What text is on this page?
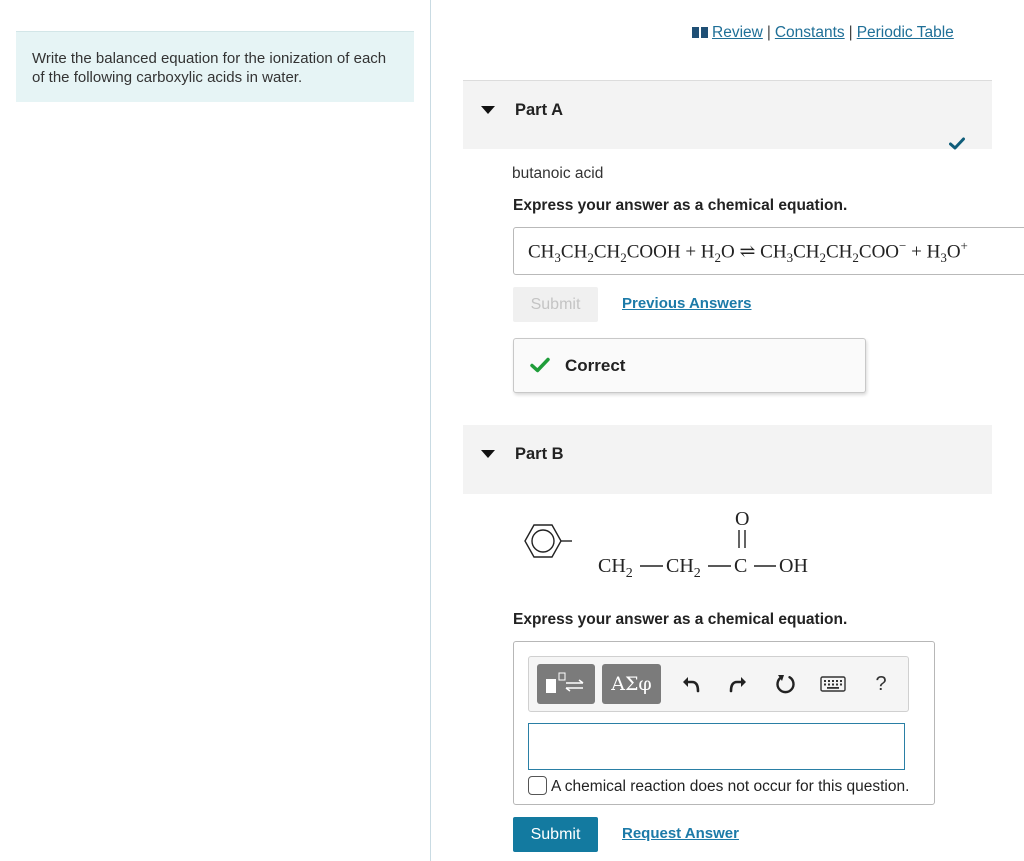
Write the balanced equation for the ionization of each of the following carboxylic acids in water.
Review | Constants | Periodic Table
Part A
butanoic acid
Express your answer as a chemical equation.
$CH_3CH_2CH_2COOH + H_2O$ ⇌ $CH_3CH_2CH_2COO^- + H_3O^+$
Submit	Previous Answers
Correct
Part B
$CH_2$ $CH_2$ C
O
OH
Express your answer as a chemical equation.
ΑΣφ	?
A chemical reaction does not occur for this question.
Submit	Request Answer
